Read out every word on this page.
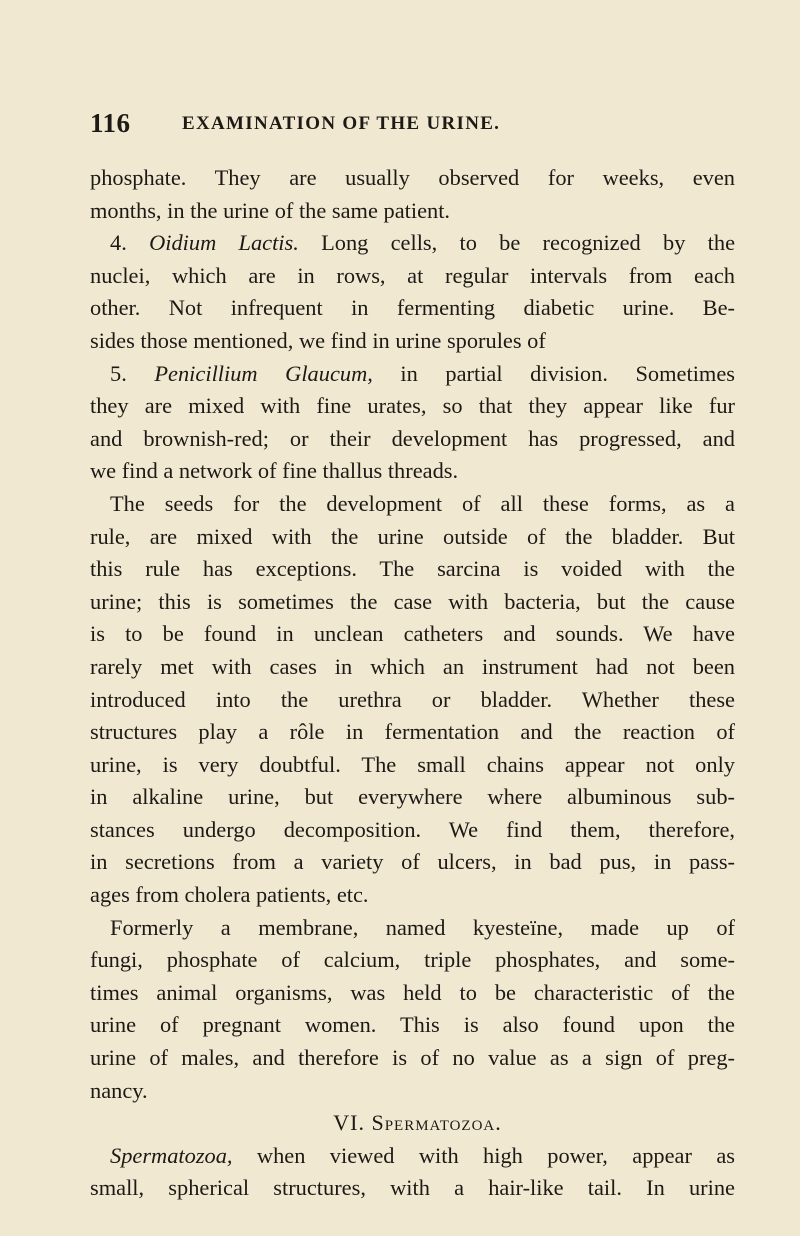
116	EXAMINATION OF THE URINE.
phosphate. They are usually observed for weeks, even
months, in the urine of the same patient.
4. Oidium Lactis. Long cells, to be recognized by the
nuclei, which are in rows, at regular intervals from each
other. Not infrequent in fermenting diabetic urine. Be-
sides those mentioned, we find in urine sporules of
5. Penicillium Glaucum, in partial division. Sometimes
they are mixed with fine urates, so that they appear like fur
and brownish-red; or their development has progressed, and
we find a network of fine thallus threads.
The seeds for the development of all these forms, as a
rule, are mixed with the urine outside of the bladder. But
this rule has exceptions. The sarcina is voided with the
urine; this is sometimes the case with bacteria, but the cause
is to be found in unclean catheters and sounds. We have
rarely met with cases in which an instrument had not been
introduced into the urethra or bladder. Whether these
structures play a rôle in fermentation and the reaction of
urine, is very doubtful. The small chains appear not only
in alkaline urine, but everywhere where albuminous sub-
stances undergo decomposition. We find them, therefore,
in secretions from a variety of ulcers, in bad pus, in pass-
ages from cholera patients, etc.
Formerly a membrane, named kyesteïne, made up of
fungi, phosphate of calcium, triple phosphates, and some-
times animal organisms, was held to be characteristic of the
urine of pregnant women. This is also found upon the
urine of males, and therefore is of no value as a sign of preg-
nancy.
VI. Spermatozoa.
Spermatozoa, when viewed with high power, appear as
small, spherical structures, with a hair-like tail. In urine
